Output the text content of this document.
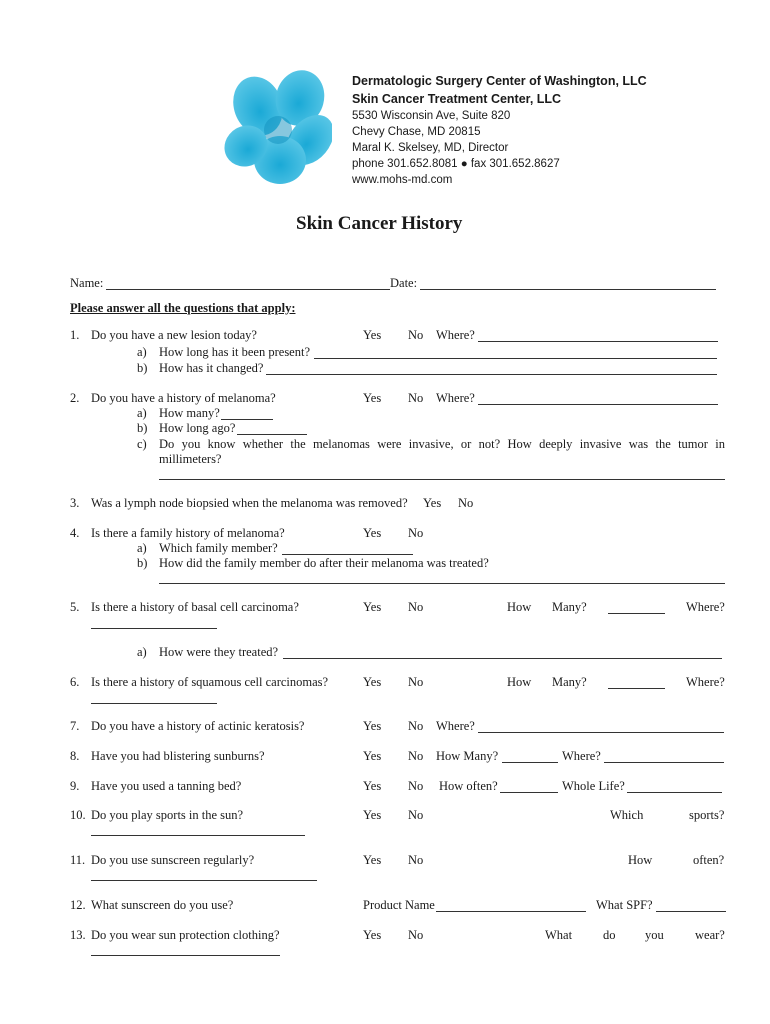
Dermatologic Surgery Center of Washington, LLC
Skin Cancer Treatment Center, LLC
5530 Wisconsin Ave, Suite 820
Chevy Chase, MD 20815
Maral K. Skelsey, MD, Director
phone 301.652.8081 ● fax 301.652.8627
www.mohs-md.com
Skin Cancer History
Name:	Date:
Please answer all the questions that apply:
1. Do you have a new lesion today?	Yes No Where?
a) How long has it been present?
b) How has it changed?
2. Do you have a history of melanoma?	Yes No Where?
a) How many?
b) How long ago?
c) Do you know whether the melanomas were invasive, or not? How deeply invasive was the tumor in
millimeters?
3. Was a lymph node biopsied when the melanoma was removed? Yes No
4. Is there a family history of melanoma?	Yes No
a) Which family member?
b) How did the family member do after their melanoma was treated?
5. Is there a history of basal cell carcinoma?	Yes No	How Many?	Where?
a) How were they treated?
6. Is there a history of squamous cell carcinomas?	Yes No	How Many?	Where?
7. Do you have a history of actinic keratosis?	Yes No Where?
8. Have you had blistering sunburns?	Yes No How Many?	Where?
9. Have you used a tanning bed?	Yes No How often?	Whole Life?
10. Do you play sports in the sun?	Yes No	Which	sports?
11. Do you use sunscreen regularly?	Yes No	How	often?
12. What sunscreen do you use?	Product Name	What SPF?
13. Do you wear sun protection clothing?	Yes No	What do you	wear?
